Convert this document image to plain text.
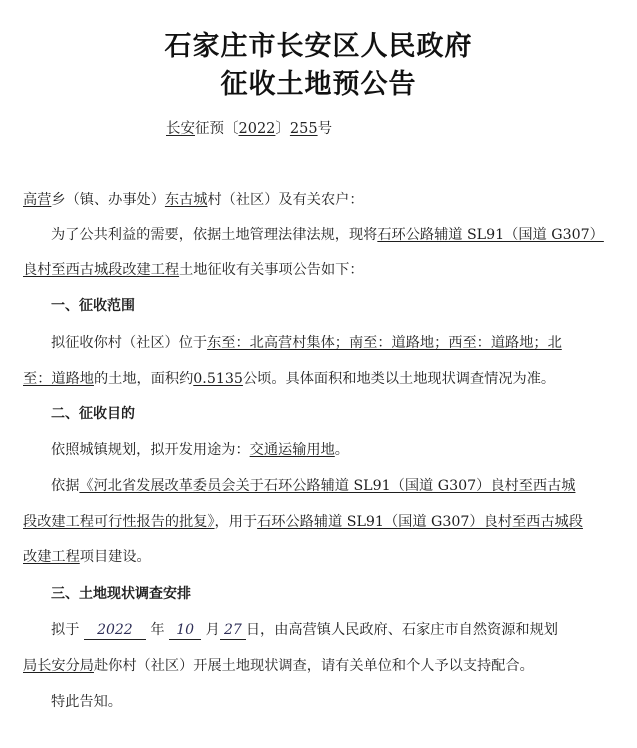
石家庄市长安区人民政府
征收土地预公告
长安征预〔2022〕255号
高营乡（镇、办事处）东古城村（社区）及有关农户：
为了公共利益的需要，依据土地管理法律法规，现将石环公路辅道 SL91（国道 G307）
良村至西古城段改建工程土地征收有关事项公告如下：
一、征收范围
拟征收你村（社区）位于东至：北高营村集体；南至：道路地；西至：道路地；北
至：道路地的土地，面积约0.5135公顷。具体面积和地类以土地现状调查情况为准。
二、征收目的
依照城镇规划，拟开发用途为：交通运输用地。
依据《河北省发展改革委员会关于石环公路辅道 SL91（国道 G307）良村至西古城
段改建工程可行性报告的批复》，用于石环公路辅道 SL91（国道 G307）良村至西古城段
改建工程项目建设。
三、土地现状调查安排
拟于 2022 年 10 月 27 日，由高营镇人民政府、石家庄市自然资源和规划
局长安分局赴你村（社区）开展土地现状调查，请有关单位和个人予以支持配合。
特此告知。
